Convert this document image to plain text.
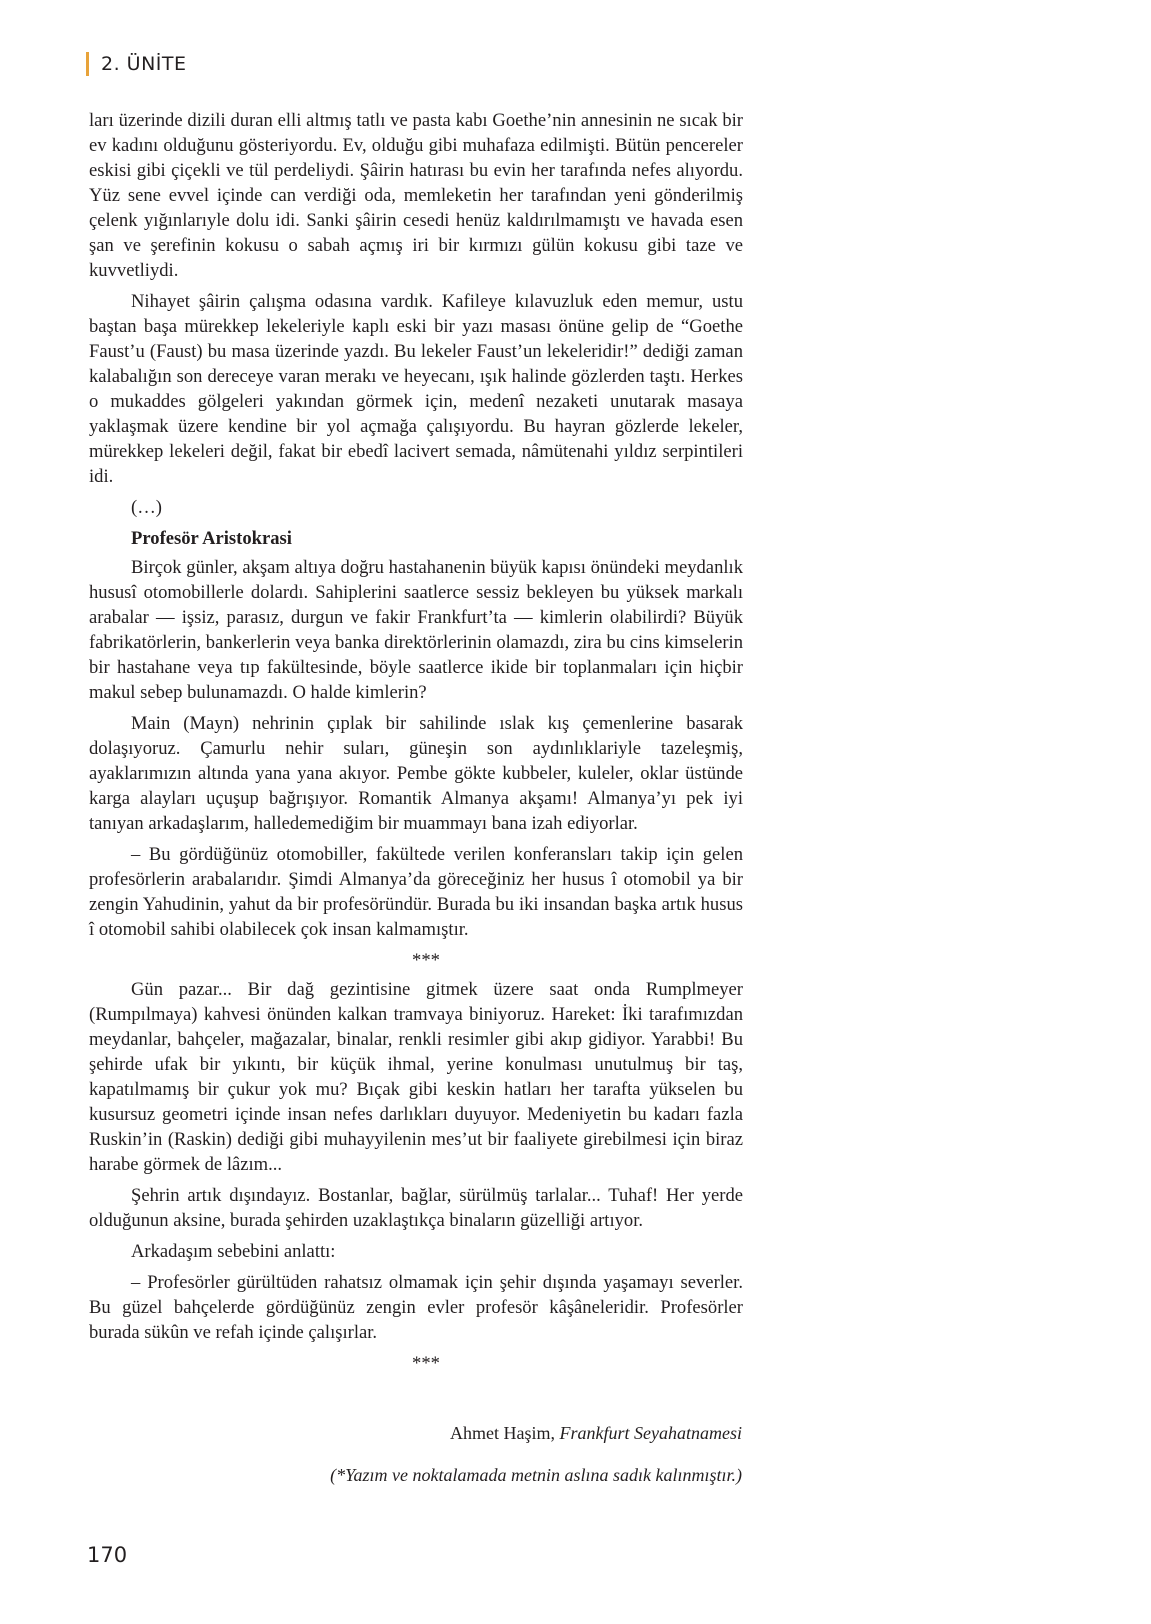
2. ÜNİTE

ları üzerinde dizili duran elli altmış tatlı ve pasta kabı Goethe’nin annesinin ne sıcak bir ev kadını olduğunu gösteriyordu. Ev, olduğu gibi muhafaza edilmişti. Bütün pencereler eskisi gibi çiçekli ve tül perdeliydi. Şâirin hatırası bu evin her tarafında nefes alıyordu. Yüz sene evvel içinde can verdiği oda, memleketin her tarafından yeni gönderilmiş çelenk yığınlarıyle dolu idi. Sanki şâirin cesedi henüz kaldırılmamıştı ve havada esen şan ve şerefinin kokusu o sabah açmış iri bir kırmızı gülün kokusu gibi taze ve kuvvetliydi.

Nihayet şâirin çalışma odasına vardık. Kafileye kılavuzluk eden memur, ustu baştan başa mürekkep lekeleriyle kaplı eski bir yazı masası önüne gelip de “Goethe Faust’u (Faust) bu masa üzerinde yazdı. Bu lekeler Faust’un lekeleridir!” dediği zaman kalabalığın son dereceye varan merakı ve heyecanı, ışık halinde gözlerden taştı. Herkes o mukaddes gölgeleri yakından görmek için, medenî nezaketi unutarak masaya yaklaşmak üzere kendine bir yol açmağa çalışıyordu. Bu hayran gözlerde lekeler, mürekkep lekeleri değil, fakat bir ebedî lacivert semada, nâmütenahi yıldız serpintileri idi.

(…)
Profesör Aristokrasi

Birçok günler, akşam altıya doğru hastahanenin büyük kapısı önündeki meydanlık hususî otomobillerle dolardı. Sahiplerini saatlerce sessiz bekleyen bu yüksek markalı arabalar — işsiz, parasız, durgun ve fakir Frankfurt’ta — kimlerin olabilirdi? Büyük fabrikatörlerin, bankerlerin veya banka direktörlerinin olamazdı, zira bu cins kimselerin bir hastahane veya tıp fakültesinde, böyle saatlerce ikide bir toplanmaları için hiçbir makul sebep bulunamazdı. O halde kimlerin?

Main (Mayn) nehrinin çıplak bir sahilinde ıslak kış çemenlerine basarak dolaşıyoruz. Çamurlu nehir suları, güneşin son aydınlıklariyle tazeleşmiş, ayaklarımızın altında yana yana akıyor. Pembe gökte kubbeler, kuleler, oklar üstünde karga alayları uçuşup bağrışıyor. Romantik Almanya akşamı! Almanya’yı pek iyi tanıyan arkadaşlarım, halledemediğim bir muammayı bana izah ediyorlar.

– Bu gördüğünüz otomobiller, fakültede verilen konferansları takip için gelen profesörlerin arabalarıdır. Şimdi Almanya’da göreceğiniz her husus î otomobil ya bir zengin Yahudinin, yahut da bir profesöründür. Burada bu iki insandan başka artık husus î otomobil sahibi olabilecek çok insan kalmamıştır.

***

Gün pazar... Bir dağ gezintisine gitmek üzere saat onda Rumplmeyer (Rumpılmaya) kahvesi önünden kalkan tramvaya biniyoruz. Hareket: İki tarafımızdan meydanlar, bahçeler, mağazalar, binalar, renkli resimler gibi akıp gidiyor. Yarabbi! Bu şehirde ufak bir yıkıntı, bir küçük ihmal, yerine konulması unutulmuş bir taş, kapatılmamış bir çukur yok mu? Bıçak gibi keskin hatları her tarafta yükselen bu kusursuz geometri içinde insan nefes darlıkları duyuyor. Medeniyetin bu kadarı fazla Ruskin’in (Raskin) dediği gibi muhayyilenin mes’ut bir faaliyete girebilmesi için biraz harabe görmek de lâzım...

Şehrin artık dışındayız. Bostanlar, bağlar, sürülmüş tarlalar... Tuhaf! Her yerde olduğunun aksine, burada şehirden uzaklaştıkça binaların güzelliği artıyor.

Arkadaşım sebebini anlattı:

– Profesörler gürültüden rahatsız olmamak için şehir dışında yaşamayı severler. Bu güzel bahçelerde gördüğünüz zengin evler profesör kâşâneleridir. Profesörler burada sükûn ve refah içinde çalışırlar.

***
Ahmet Haşim, Frankfurt Seyahatnamesi
(*Yazım ve noktalamada metnin aslına sadık kalınmıştır.)
170
